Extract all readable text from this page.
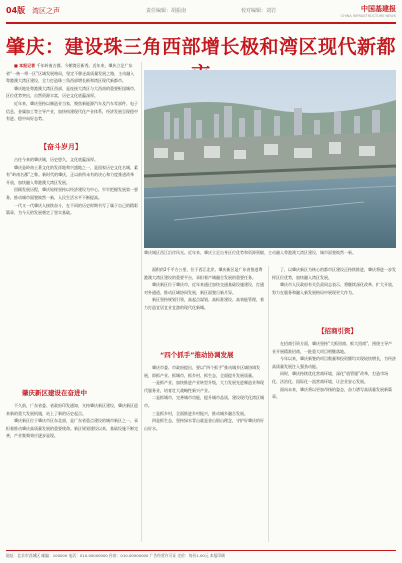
04版 湾区之声	责任编辑：胡振南	校对编辑：刘岩	中国基建报
CHINA INFRASTRUCTURE NEWS
肇庆：建设珠三角西部增长极和湾区现代新都

■ 本报记者 千年岭南古郡，今朝湾区新秀。近年来，肇庆立足广东省“一核一带一区”区域发展格局，坚定不移走高质量发展之路，主动融入粤港澳大湾区建设，全力打造珠三角西部增长极和湾区现代新都市。

肇庆地处粤港澳大湾区西部，是连接大湾区与大西南的重要枢纽城市，区位优势突出，自然资源丰富，历史文化底蕴深厚。

近年来，肇庆坚持以制造业当家，聚焦新能源汽车及汽车零部件、电子信息、金属加工等主导产业，加快构建现代化产业体系，经济发展呈现稳中有进、稳中向好态势。

【奋斗岁月】

古往今来的肇庆城，历史悠久，文化底蕴深厚。

肇庆是岭南土著文化的发祥地和兴盛地之一，是国家历史文化名城，素有“岭南名郡”之称。新时代的肇庆，正以前所未有的决心和力度推进改革开放，加快融入粤港澳大湾区发展。

回顾发展历程，肇庆始终坚持以经济建设为中心，牢牢把握发展第一要务，推动城市面貌焕然一新，人民生活水平不断提高。

一代又一代肇庆人接续奋斗，在不同的历史时期书写了属于自己的精彩篇章，为今天的发展奠定了坚实基础。

肇庆新区建设在奋进中

不久前，广东省委、省政府印发通知，支持肇庆新区建设，肇庆新区迎来新的重大发展机遇，站上了新的历史起点。

肇庆新区位于肇庆市区东北部，是广东省重点建设的城市新区之一，承担着推动肇庆高质量发展的重要使命。新区规划建设以来，基础设施不断完善，产业集聚效应逐步显现。

肇庆城区西江沿岸风光。近年来，肇庆立足自身区位优势和资源禀赋，主动融入粤港澳大湾区建设，城市面貌焕然一新。

面积约2千平方公里，位于西江北岸。肇庆新区是广东省推进粤港澳大湾区建设的重要平台，承担着产城融合发展的重要任务。

肇庆新区位于肇庆市，近年来通过加快交通基础设施建设，打通对外通道，推动区域协同发展，新区面貌日新月异。

新区坚持规划引领，高起点谋划、高标准建设、高效能管理，着力打造宜居宜业宜游的现代化新城。

“四个抓手”推动协调发展

肇庆市委、市政府提出，要以“四个抓手”推动城乡区域协调发展，即抓产业、抓城市、抓乡村、抓生态，全面提升发展质量。

一是抓产业，加快推进产业转型升级，大力发展先进制造业和现代服务业，培育壮大战略性新兴产业。

二是抓城市，完善城市功能，提升城市品质，建设现代化湾区城市。

三是抓乡村，全面推进乡村振兴，推动城乡融合发展。

四是抓生态，坚持绿水青山就是金山银山理念，守护好肇庆的好山好水。

了，以肇庆新区为核心的都市区建设正持续推进，肇庆将进一步发挥区位优势，加快融入湾区发展。

肇庆市人民政府有关负责同志表示，将继续深化改革、扩大开放，努力在服务和融入新发展格局中展现更大作为。

【招商引资】

在招商引资方面，肇庆坚持“大抓招商、抓大招商”，围绕主导产业开展精准招商，一批重大项目相继落地。

今年以来，肇庆新签约项目数量和投资额均实现较快增长，为经济高质量发展注入强劲动能。

同时，肇庆持续优化营商环境，深化“放管服”改革，打造市场化、法治化、国际化一流营商环境，让企业安心发展。

面向未来，肇庆将以更加昂扬的姿态，奋力谱写高质量发展新篇章。

地址：北京市西城区 邮编：100000 电话：010-00000000 传真：010-00000000 广告经营许可证 定价：每份1.00元 本报印刷
